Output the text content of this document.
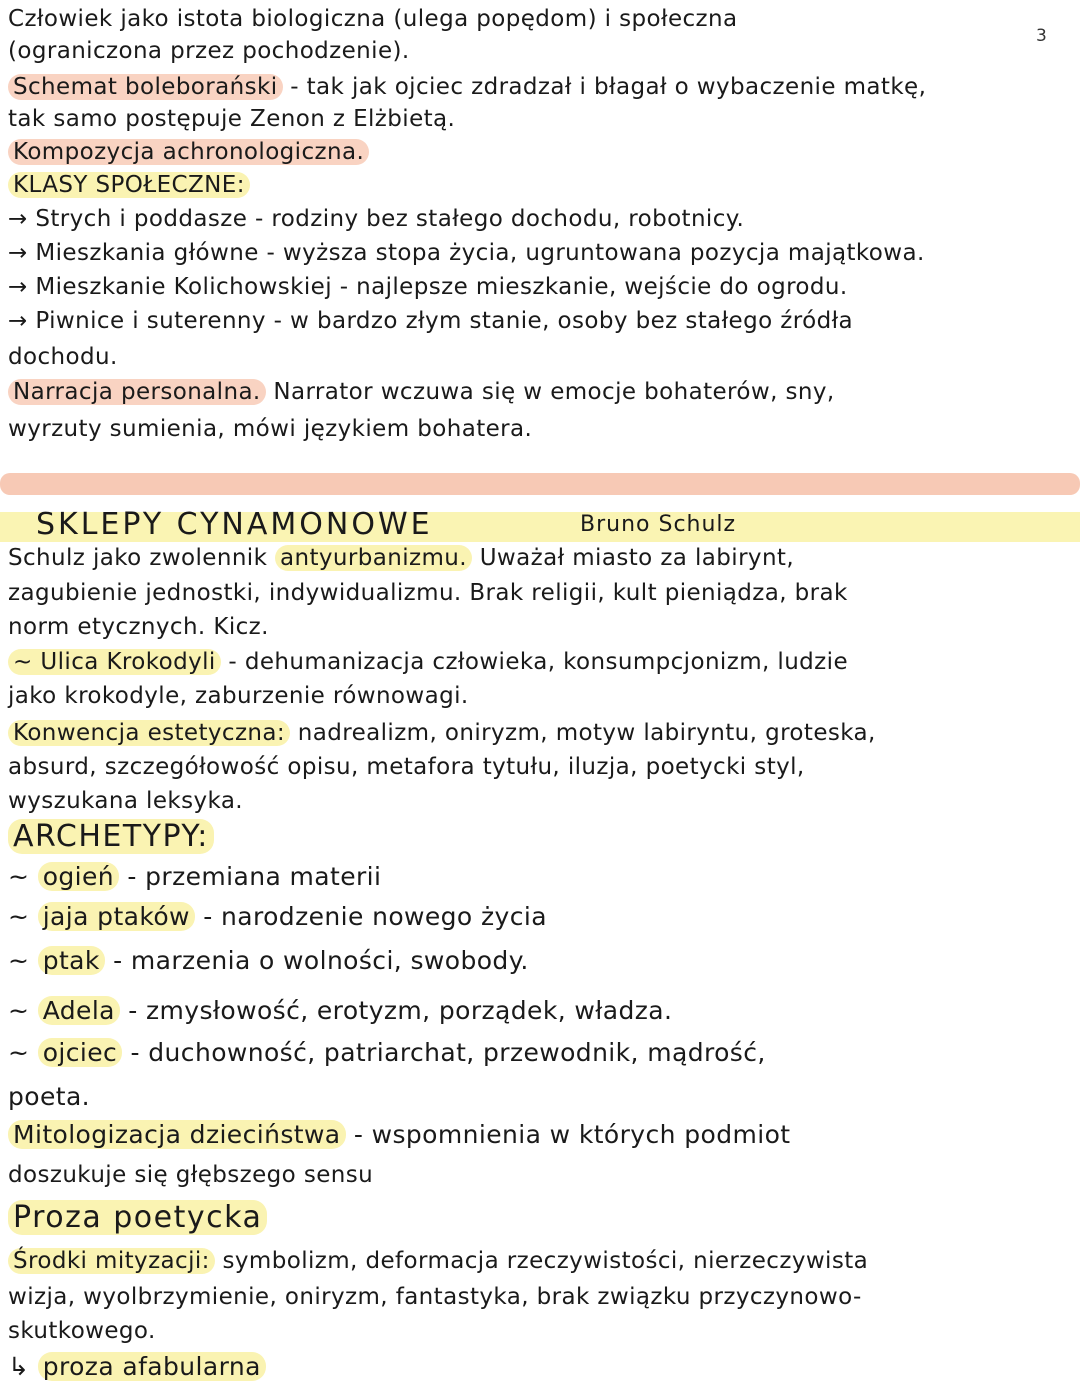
3
Człowiek jako istota biologiczna (ulega popędom) i społeczna
(ograniczona przez pochodzenie).
Schemat boleborański - tak jak ojciec zdradzał i błagał o wybaczenie matkę,
tak samo postępuje Zenon z Elżbietą.
Kompozycja achronologiczna.
KLASY SPOŁECZNE:
→ Strych i poddasze - rodziny bez stałego dochodu, robotnicy.
→ Mieszkania główne - wyższa stopa życia, ugruntowana pozycja majątkowa.
→ Mieszkanie Kolichowskiej - najlepsze mieszkanie, wejście do ogrodu.
→ Piwnice i suterenny - w bardzo złym stanie, osoby bez stałego źródła
dochodu.
Narracja personalna. Narrator wczuwa się w emocje bohaterów, sny,
wyrzuty sumienia, mówi językiem bohatera.
SKLEPY CYNAMONOWE	Bruno Schulz
Schulz jako zwolennik antyurbanizmu. Uważał miasto za labirynt,
zagubienie jednostki, indywidualizmu. Brak religii, kult pieniądza, brak
norm etycznych. Kicz.
~ Ulica Krokodyli - dehumanizacja człowieka, konsumpcjonizm, ludzie
jako krokodyle, zaburzenie równowagi.
Konwencja estetyczna: nadrealizm, oniryzm, motyw labiryntu, groteska,
absurd, szczegółowość opisu, metafora tytułu, iluzja, poetycki styl,
wyszukana leksyka.
ARCHETYPY:
~ ogień - przemiana materii
~ jaja ptaków - narodzenie nowego życia
~ ptak - marzenia o wolności, swobody.
~ Adela - zmysłowość, erotyzm, porządek, władza.
~ ojciec - duchowność, patriarchat, przewodnik, mądrość,
poeta.
Mitologizacja dzieciństwa - wspomnienia w których podmiot
doszukuje się głębszego sensu
Proza poetycka
Środki mityzacji: symbolizm, deformacja rzeczywistości, nierzeczywista
wizja, wyolbrzymienie, oniryzm, fantastyka, brak związku przyczynowo-
skutkowego.
↳ proza afabularna
